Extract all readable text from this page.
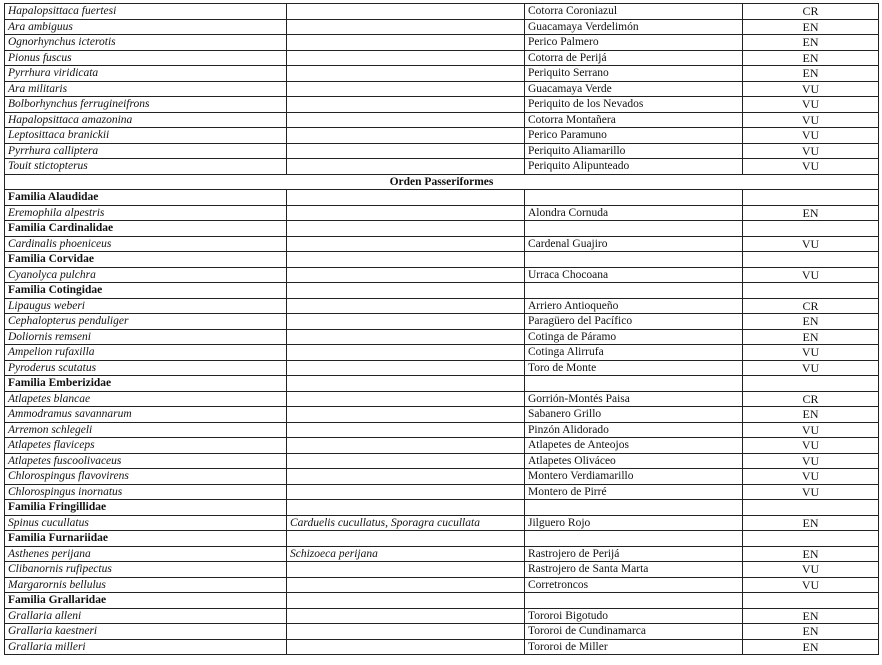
Hapalopsittaca fuertesi		Cotorra Coroniazul	CR
Ara ambiguus		Guacamaya Verdelimón	EN
Ognorhynchus icterotis		Perico Palmero	EN
Pionus fuscus		Cotorra de Perijá	EN
Pyrrhura viridicata		Periquito Serrano	EN
Ara militaris		Guacamaya Verde	VU
Bolborhynchus ferrugineifrons		Periquito de los Nevados	VU
Hapalopsittaca amazonina		Cotorra Montañera	VU
Leptosittaca branickii		Perico Paramuno	VU
Pyrrhura calliptera		Periquito Aliamarillo	VU
Touit stictopterus		Periquito Alipunteado	VU
Orden Passeriformes			
Familia Alaudidae			
Eremophila alpestris		Alondra Cornuda	EN
Familia Cardinalidae			
Cardinalis phoeniceus		Cardenal Guajiro	VU
Familia Corvidae			
Cyanolyca pulchra		Urraca Chocoana	VU
Familia Cotingidae			
Lipaugus weberi		Arriero Antioqueño	CR
Cephalopterus penduliger		Paragüero del Pacífico	EN
Doliornis remseni		Cotinga de Páramo	EN
Ampelion rufaxilla		Cotinga Alirrufa	VU
Pyroderus scutatus		Toro de Monte	VU
Familia Emberizidae			
Atlapetes blancae		Gorrión-Montés Paisa	CR
Ammodramus savannarum		Sabanero Grillo	EN
Arremon schlegeli		Pinzón Alidorado	VU
Atlapetes flaviceps		Atlapetes de Anteojos	VU
Atlapetes fuscoolivaceus		Atlapetes Oliváceo	VU
Chlorospingus flavovirens		Montero Verdiamarillo	VU
Chlorospingus inornatus		Montero de Pirré	VU
Familia Fringillidae			
Spinus cucullatus	Carduelis cucullatus, Sporagra cucullata	Jilguero Rojo	EN
Familia Furnariidae			
Asthenes perijana	Schizoeca perijana	Rastrojero de Perijá	EN
Clibanornis rufipectus		Rastrojero de Santa Marta	VU
Margarornis bellulus		Corretroncos	VU
Familia Grallaridae			
Grallaria alleni		Tororoi Bigotudo	EN
Grallaria kaestneri		Tororoi de Cundinamarca	EN
Grallaria milleri		Tororoi de Miller	EN
